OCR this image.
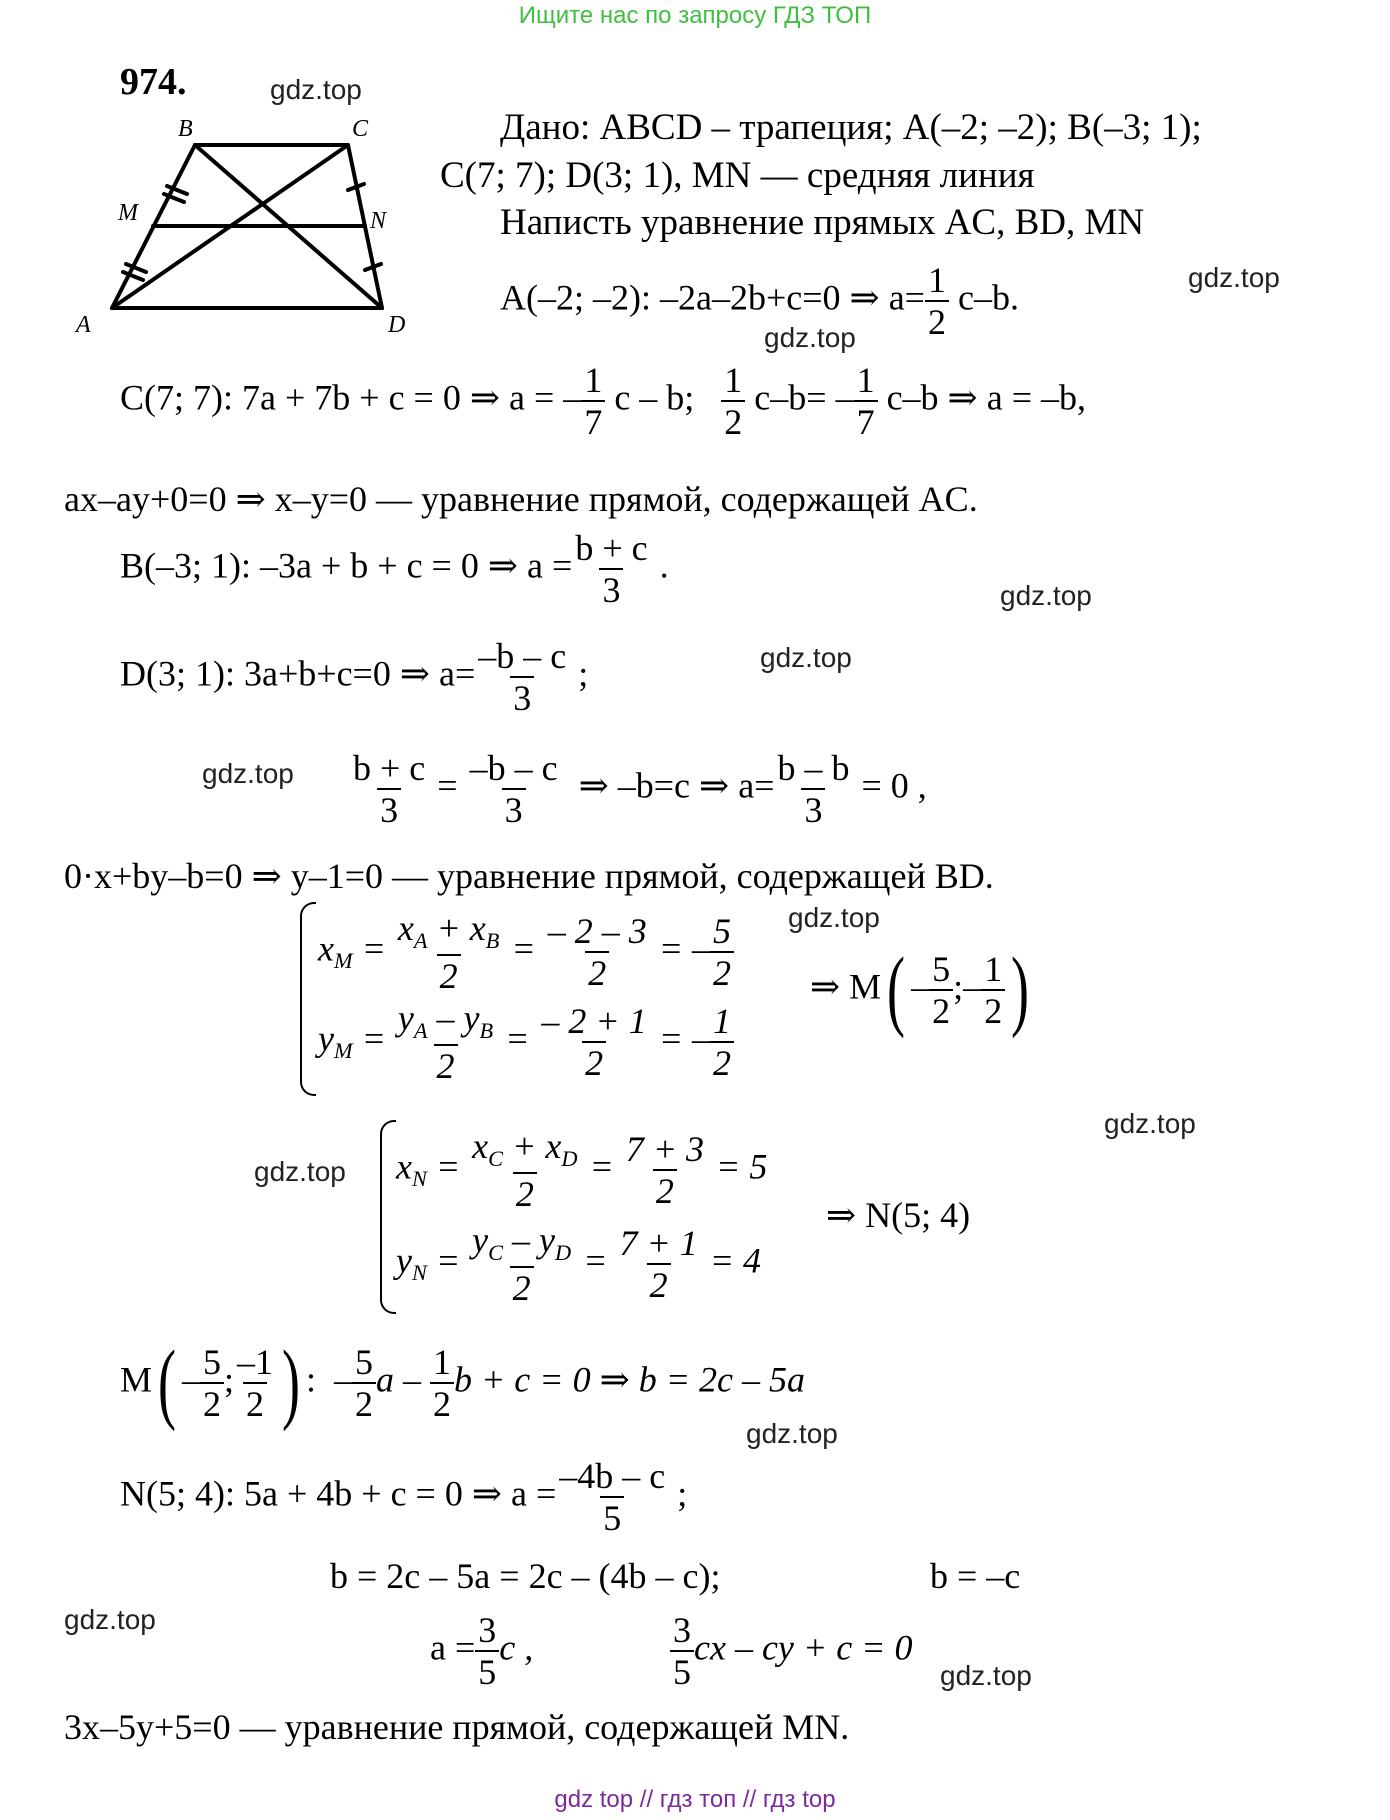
Ищите нас по запросу ГДЗ ТОП
974.
B	C
M	N
A	D
Дано: ABCD – трапеция; A(–2; –2); B(–3; 1);
C(7; 7); D(3; 1), MN — средняя линия
Написть уравнение прямых AC, BD, MN
A(–2; –2): –2a–2b+c=0 ⇒ $a= \frac{1}{2} c-b$.
C(7; 7): 7a + 7b + c = 0 ⇒ a = – $\frac{1}{7}$ c – b; $\frac{1}{2} c-b= - \frac{1}{7} c-b$ ⇒ a = –b,
ax–ay+0=0 ⇒ x–y=0 — уравнение прямой, содержащей AC.
B(–3; 1): –3a + b + c = 0 ⇒ $a = \frac{b + c}{3}$ .
D(3; 1): 3a+b+c=0 ⇒ $a= \frac{-b - c}{3}$ ;
$\frac{b + c}{3} = \frac{-b - c}{3}$ ⇒ –b=c ⇒ $a= \frac{b - b}{3} = 0$ ,
0·x+by–b=0 ⇒ y–1=0 — уравнение прямой, содержащей BD.
$x_M = \frac{x_A + x_B}{2} = \frac{- 2 - 3}{2}$ = – $\frac{5}{2}$
$y_M = \frac{y_A - y_B}{2} = \frac{- 2 + 1}{2}$ = – $\frac{1}{2}$
⇒ $M( - \frac{5}{2}$ ;– $\frac{1}{2}$ )
$x_N = \frac{x_C + x_D}{2} = \frac{7 + 3}{2} = 5$
$y_N = \frac{y_C - y_D}{2} = \frac{7 + 1}{2} = 4$
⇒ N(5; 4)
$M( - \frac{5}{2}$ ; $\frac{-1}{2}$ ) :  – $\frac{5}{2}$ a – $\frac{1}{2}$ b + c = 0 ⇒ b = 2c – 5a
N(5; 4): 5a + 4b + c = 0 ⇒ $a = \frac{-4b - c}{5}$ ;
b = 2c – 5a = 2c – (4b – c);	b = –c
$a = \frac{3}{5}$ c ,	$\frac{3}{5}$ cx – cy + c = 0
3x–5y+5=0 — уравнение прямой, содержащей MN.
gdz.top
gdz.top
gdz.top
gdz.top
gdz.top
gdz.top
gdz.top
gdz.top
gdz.top
gdz.top
gdz.top
gdz.top
gdz top // гдз топ // гдз top
